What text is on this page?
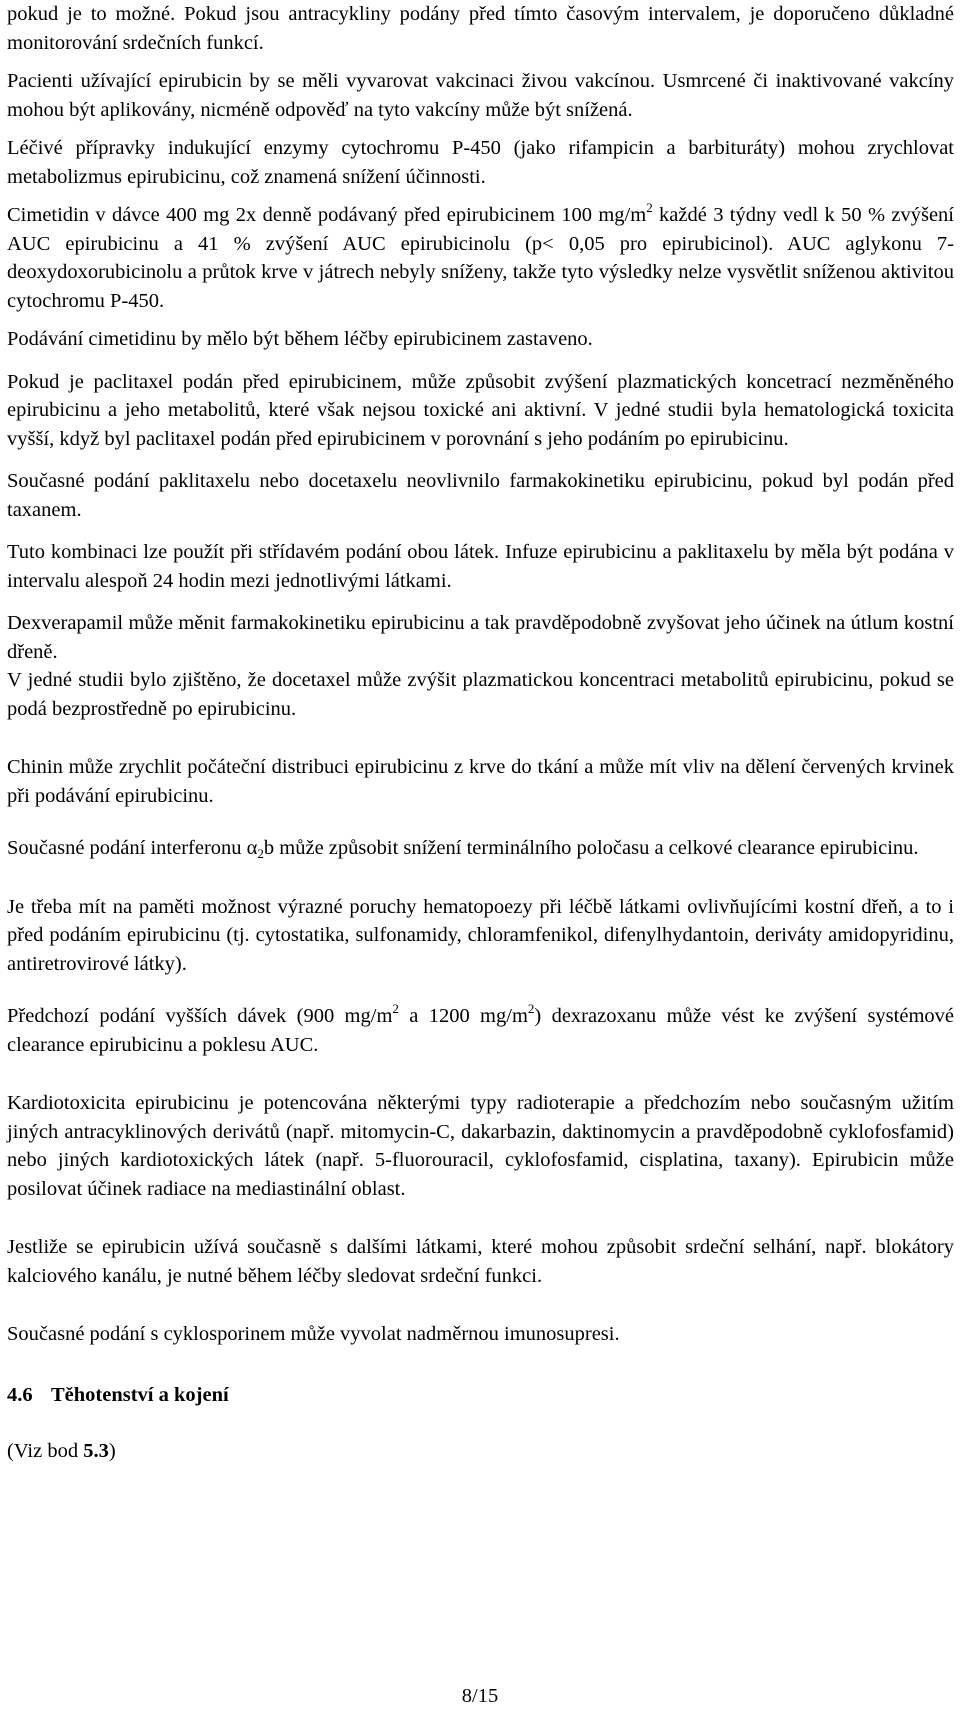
pokud je to možné. Pokud jsou antracykliny podány před tímto časovým intervalem, je doporučeno důkladné monitorování srdečních funkcí.

Pacienti užívající epirubicin by se měli vyvarovat vakcinaci živou vakcínou. Usmrcené či inaktivované vakcíny mohou být aplikovány, nicméně odpověď na tyto vakcíny může být snížená.

Léčivé přípravky indukující enzymy cytochromu P-450 (jako rifampicin a barbituráty) mohou zrychlovat metabolizmus epirubicinu, což znamená snížení účinnosti.

Cimetidin v dávce 400 mg 2x denně podávaný před epirubicinem 100 $mg/m^2$ každé 3 týdny vedl k 50 % zvýšení AUC epirubicinu a 41 % zvýšení AUC epirubicinolu (p< 0,05 pro epirubicinol). AUC aglykonu 7-deoxydoxorubicinolu a průtok krve v játrech nebyly sníženy, takže tyto výsledky nelze vysvětlit sníženou aktivitou cytochromu P-450.

Podávání cimetidinu by mělo být během léčby epirubicinem zastaveno.

Pokud je paclitaxel podán před epirubicinem, může způsobit zvýšení plazmatických koncetrací nezměněného epirubicinu a jeho metabolitů, které však nejsou toxické ani aktivní. V jedné studii byla hematologická toxicita vyšší, když byl paclitaxel podán před epirubicinem v porovnání s jeho podáním po epirubicinu.

Současné podání paklitaxelu nebo docetaxelu neovlivnilo farmakokinetiku epirubicinu, pokud byl podán před taxanem.

Tuto kombinaci lze použít při střídavém podání obou látek. Infuze epirubicinu a paklitaxelu by měla být podána v intervalu alespoň 24 hodin mezi jednotlivými látkami.

Dexverapamil může měnit farmakokinetiku epirubicinu a tak pravděpodobně zvyšovat jeho účinek na útlum kostní dřeně.

V jedné studii bylo zjištěno, že docetaxel může zvýšit plazmatickou koncentraci metabolitů epirubicinu, pokud se podá bezprostředně po epirubicinu.

Chinin může zrychlit počáteční distribuci epirubicinu z krve do tkání a může mít vliv na dělení červených krvinek při podávání epirubicinu.

Současné podání interferonu $\alpha_2b$ může způsobit snížení terminálního poločasu a celkové clearance epirubicinu.

Je třeba mít na paměti možnost výrazné poruchy hematopoezy při léčbě látkami ovlivňujícími kostní dřeň, a to i před podáním epirubicinu (tj. cytostatika, sulfonamidy, chloramfenikol, difenylhydantoin, deriváty amidopyridinu, antiretrovirové látky).

Předchozí podání vyšších dávek (900 $mg/m^2$ a 1200 $mg/m^2$) dexrazoxanu může vést ke zvýšení systémové clearance epirubicinu a poklesu AUC.

Kardiotoxicita epirubicinu je potencována některými typy radioterapie a předchozím nebo současným užitím jiných antracyklinových derivátů (např. mitomycin-C, dakarbazin, daktinomycin a pravděpodobně cyklofosfamid) nebo jiných kardiotoxických látek (např. 5-fluorouracil, cyklofosfamid, cisplatina, taxany). Epirubicin může posilovat účinek radiace na mediastinální oblast.

Jestliže se epirubicin užívá současně s dalšími látkami, které mohou způsobit srdeční selhání, např. blokátory kalciového kanálu, je nutné během léčby sledovat srdeční funkci.

Současné podání s cyklosporinem může vyvolat nadměrnou imunosupresi.

4.6 Těhotenství a kojení

(Viz bod 5.3)

8/15
